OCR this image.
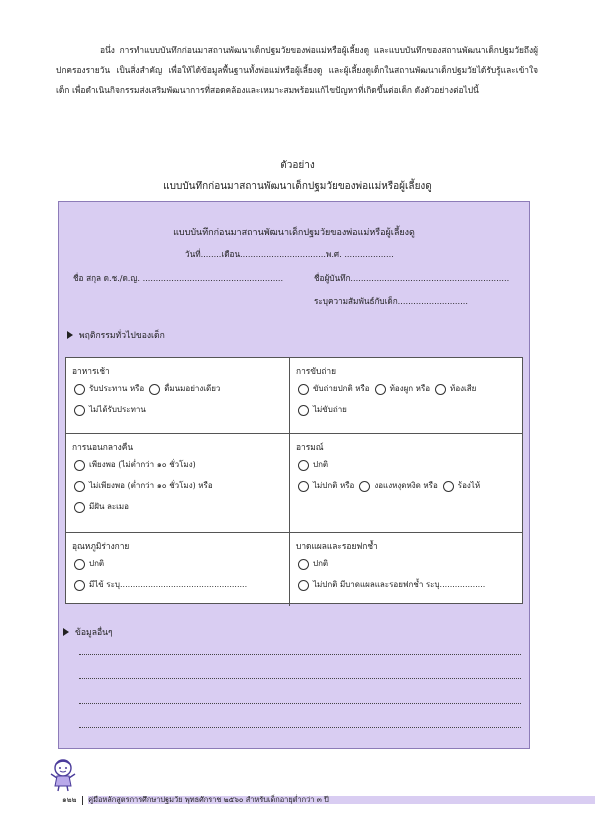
อนึ่ง การทำแบบบันทึกก่อนมาสถานพัฒนาเด็กปฐมวัยของพ่อแม่หรือผู้เลี้ยงดู และแบบบันทึกของสถานพัฒนาเด็กปฐมวัยถึงผู้ปกครองรายวัน เป็นสิ่งสำคัญ เพื่อให้ได้ข้อมูลพื้นฐานทั้งพ่อแม่หรือผู้เลี้ยงดู และผู้เลี้ยงดูเด็กในสถานพัฒนาเด็กปฐมวัยได้รับรู้และเข้าใจเด็ก เพื่อดำเนินกิจกรรมส่งเสริมพัฒนาการที่สอดคล้องและเหมาะสมพร้อมแก้ไขปัญหาที่เกิดขึ้นต่อเด็ก ดังตัวอย่างต่อไปนี้
ตัวอย่าง
แบบบันทึกก่อนมาสถานพัฒนาเด็กปฐมวัยของพ่อแม่หรือผู้เลี้ยงดู
แบบบันทึกก่อนมาสถานพัฒนาเด็กปฐมวัยของพ่อแม่หรือผู้เลี้ยงดู
วันที่........เดือน.................................พ.ศ. ...................
ชื่อ สกุล ด.ช./ด.ญ. ......................................................	ชื่อผู้บันทึก.............................................................
ระบุความสัมพันธ์กับเด็ก...........................
พฤติกรรมทั่วไปของเด็ก
อาหารเช้า
รับประทาน หรือ	ดื่มนมอย่างเดียว
ไม่ได้รับประทาน
การขับถ่าย
ขับถ่ายปกติ หรือ	ท้องผูก หรือ	ท้องเสีย
ไม่ขับถ่าย
การนอนกลางคืน
เพียงพอ (ไม่ต่ำกว่า ๑๐ ชั่วโมง)
ไม่เพียงพอ (ต่ำกว่า ๑๐ ชั่วโมง) หรือ
มีฝัน ละเมอ
อารมณ์
ปกติ
ไม่ปกติ หรือ	งอแงหงุดหงิด หรือ	ร้องไห้
อุณหภูมิร่างกาย
ปกติ
มีไข้ ระบุ..................................................
บาดแผลและรอยฟกช้ำ
ปกติ
ไม่ปกติ มีบาดแผลและรอยฟกช้ำ ระบุ..................
ข้อมูลอื่นๆ
๑๒๒ คู่มือหลักสูตรการศึกษาปฐมวัย พุทธศักราช ๒๕๖๐ สำหรับเด็กอายุต่ำกว่า ๓ ปี
